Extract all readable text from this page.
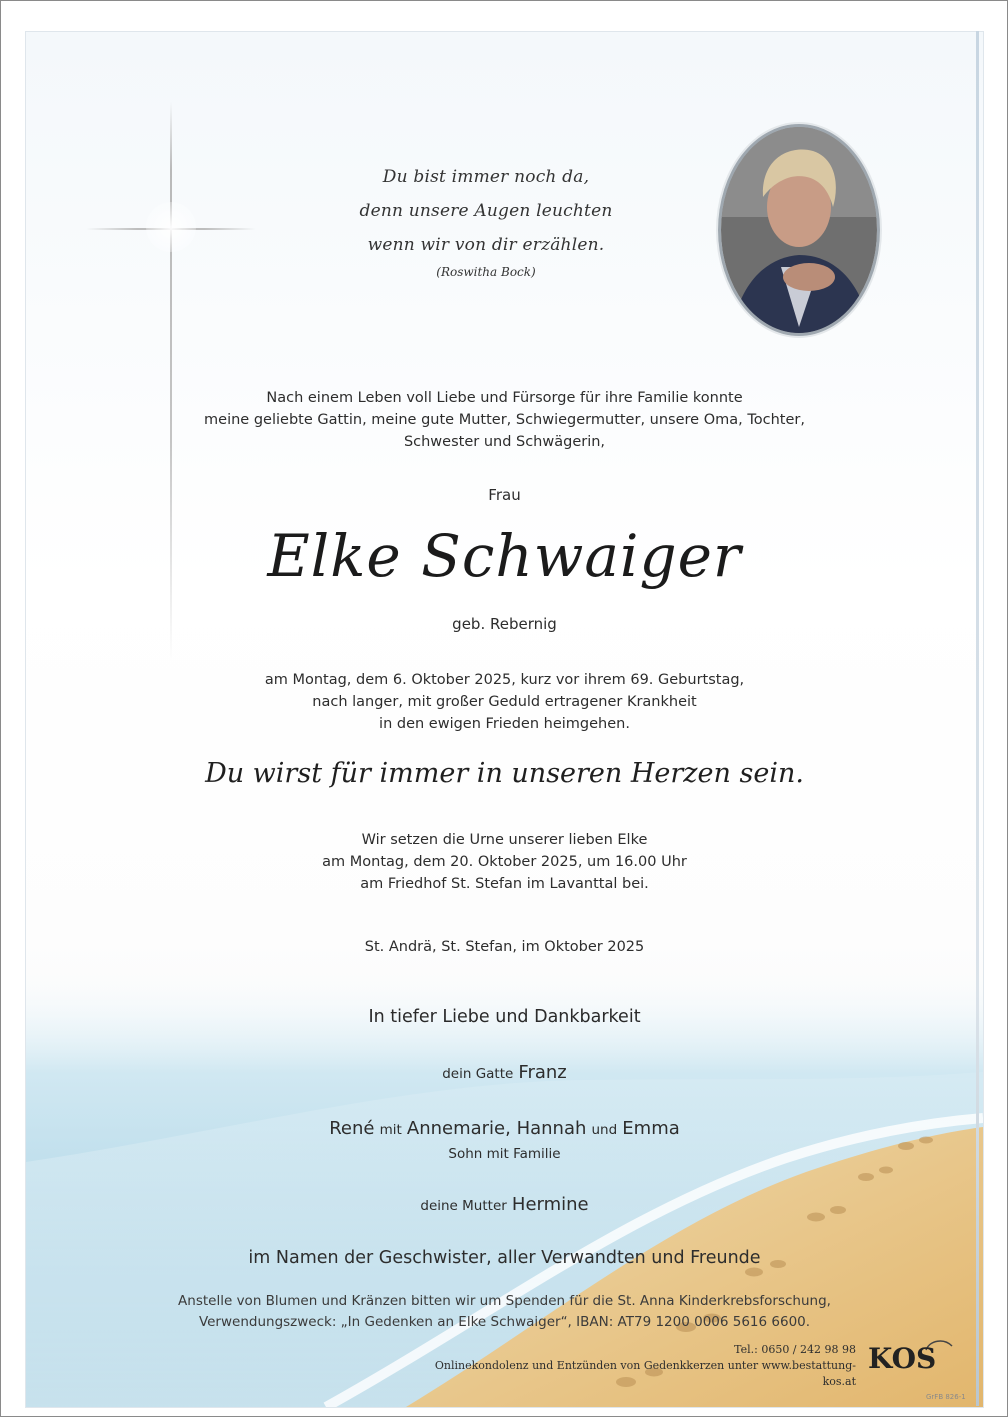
Du bist immer noch da,
denn unsere Augen leuchten
wenn wir von dir erzählen.
(Roswitha Bock)
Nach einem Leben voll Liebe und Fürsorge für ihre Familie konnte
meine geliebte Gattin, meine gute Mutter, Schwiegermutter, unsere Oma, Tochter,
Schwester und Schwägerin,
Frau
Elke Schwaiger
geb. Rebernig
am Montag, dem 6. Oktober 2025, kurz vor ihrem 69. Geburtstag,
nach langer, mit großer Geduld ertragener Krankheit
in den ewigen Frieden heimgehen.
Du wirst für immer in unseren Herzen sein.
Wir setzen die Urne unserer lieben Elke
am Montag, dem 20. Oktober 2025, um 16.00 Uhr
am Friedhof St. Stefan im Lavanttal bei.
St. Andrä, St. Stefan, im Oktober 2025
In tiefer Liebe und Dankbarkeit
dein Gatte Franz
René mit Annemarie, Hannah und Emma
Sohn mit Familie
deine Mutter Hermine
im Namen der Geschwister, aller Verwandten und Freunde
Anstelle von Blumen und Kränzen bitten wir um Spenden für die St. Anna Kinderkrebsforschung,
Verwendungszweck: „In Gedenken an Elke Schwaiger“, IBAN: AT79 1200 0006 5616 6600.
Tel.: 0650 / 242 98 98
Onlinekondolenz und Entzünden von Gedenkkerzen unter www.bestattung-kos.at
KOS
GrFB 826-1
